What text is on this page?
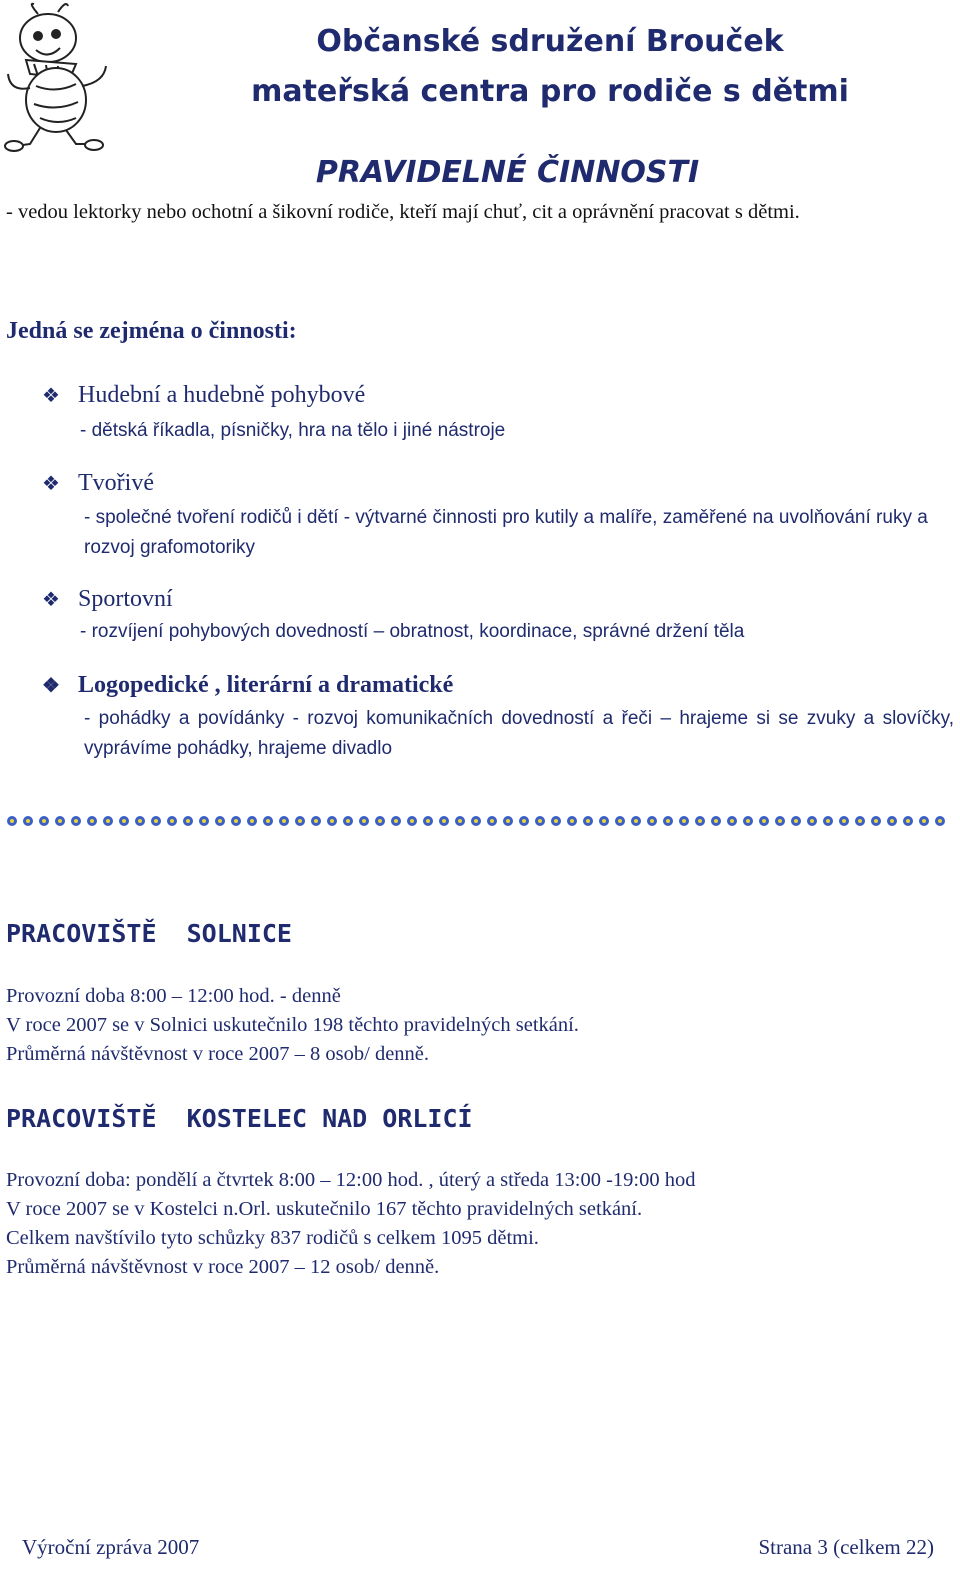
Občanské sdružení Brouček
mateřská centra pro rodiče s dětmi
PRAVIDELNÉ ČINNOSTI
- vedou lektorky nebo ochotní a šikovní rodiče, kteří mají chuť, cit a oprávnění pracovat s dětmi.
Jedná se zejména o činnosti:
❖ Hudební a hudebně pohybové
- dětská říkadla, písničky, hra na tělo i jiné nástroje
❖ Tvořivé
- společné tvoření rodičů i dětí - výtvarné činnosti pro kutily a malíře, zaměřené na uvolňování ruky a rozvoj grafomotoriky
❖ Sportovní
- rozvíjení pohybových dovedností – obratnost, koordinace, správné držení těla
❖ Logopedické , literární a dramatické
- pohádky a povídánky - rozvoj komunikačních dovedností a řeči – hrajeme si se zvuky a slovíčky, vyprávíme pohádky, hrajeme divadlo
PRACOVIŠTĚ  SOLNICE
Provozní doba 8:00 – 12:00 hod. - denně
V roce 2007 se v Solnici uskutečnilo 198 těchto pravidelných setkání.
Průměrná návštěvnost v roce 2007 – 8 osob/ denně.
PRACOVIŠTĚ  KOSTELEC NAD ORLICÍ
Provozní doba: pondělí a čtvrtek 8:00 – 12:00 hod. , úterý a středa 13:00 -19:00 hod
V roce 2007 se v Kostelci n.Orl. uskutečnilo 167 těchto pravidelných setkání.
Celkem navštívilo tyto schůzky 837 rodičů s celkem 1095 dětmi.
Průměrná návštěvnost v roce 2007 – 12 osob/ denně.
Výroční zpráva 2007	Strana 3 (celkem 22)
